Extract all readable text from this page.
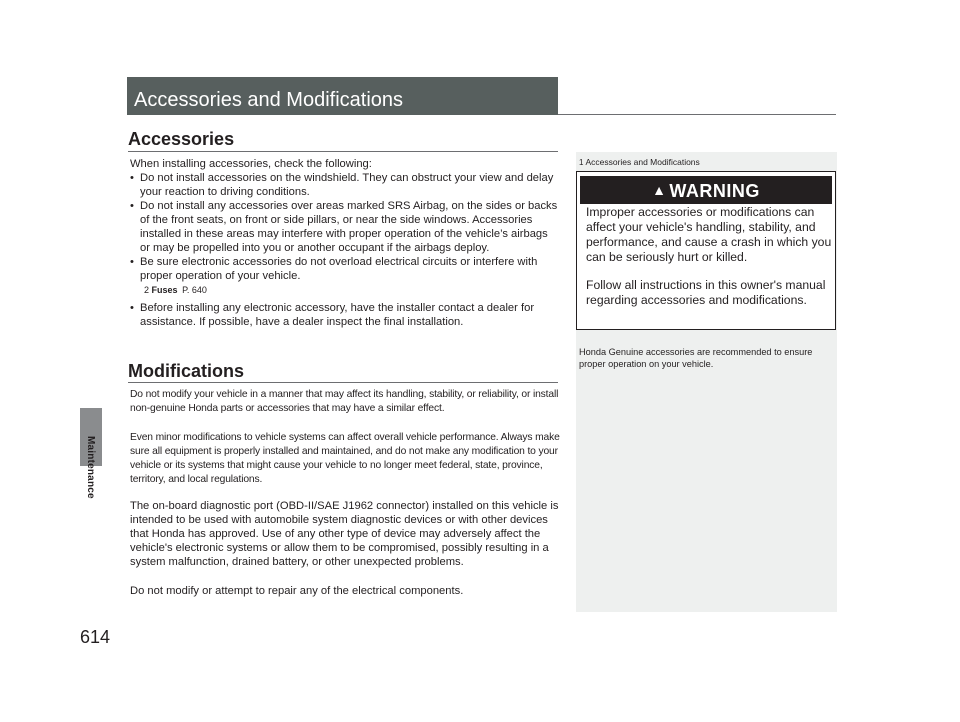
Maintenance
614
Accessories and Modifications
Accessories

When installing accessories, check the following:

• Do not install accessories on the windshield. They can obstruct your view and delay your reaction to driving conditions.
• Do not install any accessories over areas marked SRS Airbag, on the sides or backs of the front seats, on front or side pillars, or near the side windows. Accessories installed in these areas may interfere with proper operation of the vehicle’s airbags or may be propelled into you or another occupant if the airbags deploy.
• Be sure electronic accessories do not overload electrical circuits or interfere with proper operation of your vehicle.
2 Fuses P. 640
• Before installing any electronic accessory, have the installer contact a dealer for assistance. If possible, have a dealer inspect the final installation.
Modifications

Do not modify your vehicle in a manner that may affect its handling, stability, or reliability, or install non-genuine Honda parts or accessories that may have a similar effect.

Even minor modifications to vehicle systems can affect overall vehicle performance. Always make sure all equipment is properly installed and maintained, and do not make any modification to your vehicle or its systems that might cause your vehicle to no longer meet federal, state, province, territory, and local regulations.

The on-board diagnostic port (OBD-II/SAE J1962 connector) installed on this vehicle is intended to be used with automobile system diagnostic devices or with other devices that Honda has approved. Use of any other type of device may adversely affect the vehicle's electronic systems or allow them to be compromised, possibly resulting in a system malfunction, drained battery, or other unexpected problems.

Do not modify or attempt to repair any of the electrical components.

1 Accessories and Modifications
▲ WARNING
Improper accessories or modifications can affect your vehicle's handling, stability, and performance, and cause a crash in which you can be seriously hurt or killed.
Follow all instructions in this owner's manual regarding accessories and modifications.
Honda Genuine accessories are recommended to ensure proper operation on your vehicle.
